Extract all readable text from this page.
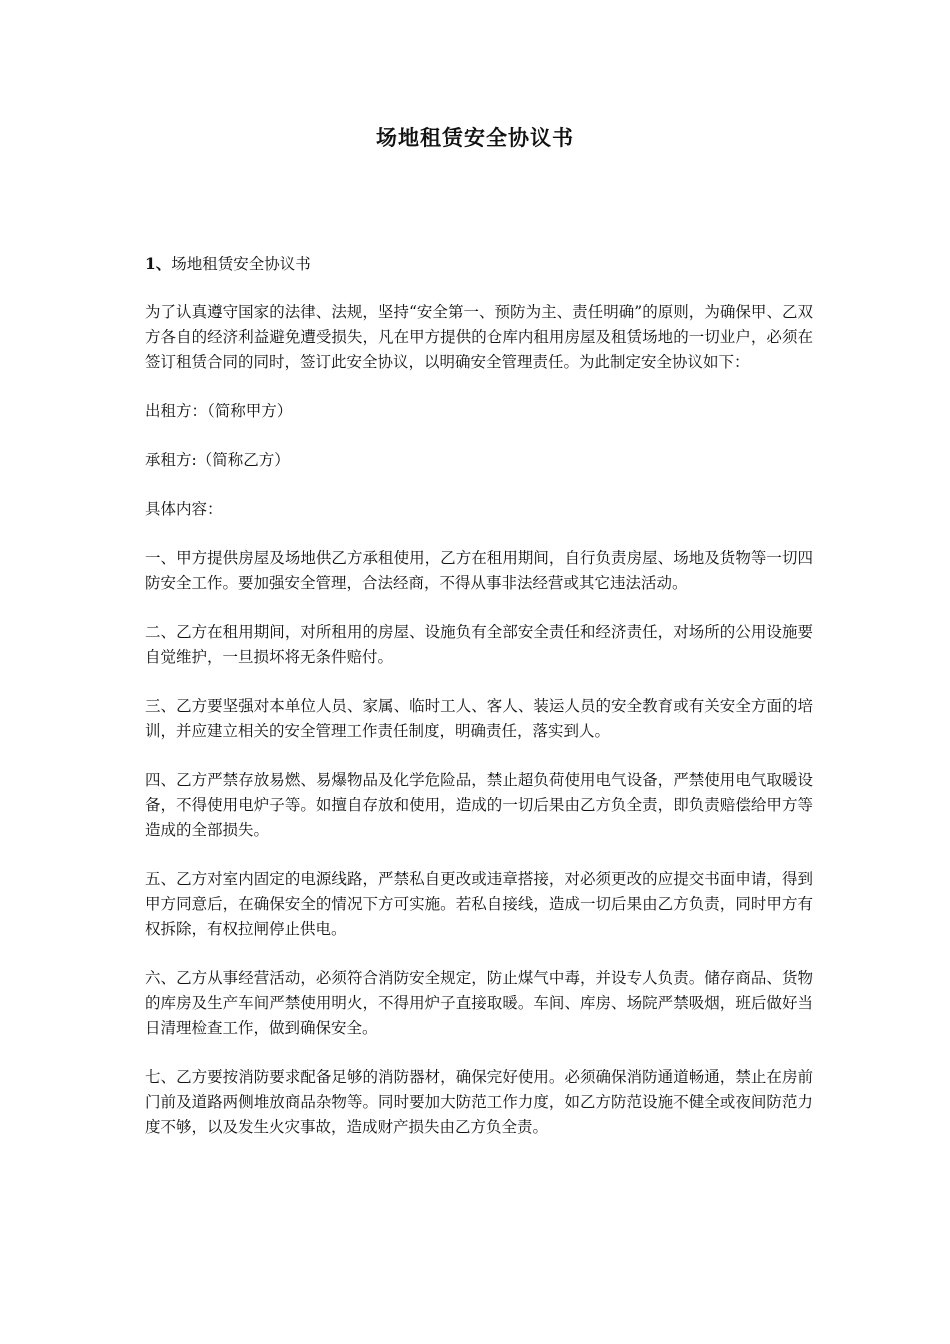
场地租赁安全协议书

1、场地租赁安全协议书

为了认真遵守国家的法律、法规，坚持“安全第一、预防为主、责任明确”的原则，为确保甲、乙双方各自的经济利益避免遭受损失，凡在甲方提供的仓库内租用房屋及租赁场地的一切业户，必须在签订租赁合同的同时，签订此安全协议，以明确安全管理责任。为此制定安全协议如下：

出租方：（简称甲方）

承租方:（简称乙方）

具体内容：

一、甲方提供房屋及场地供乙方承租使用，乙方在租用期间，自行负责房屋、场地及货物等一切四防安全工作。要加强安全管理，合法经商，不得从事非法经营或其它违法活动。

二、乙方在租用期间，对所租用的房屋、设施负有全部安全责任和经济责任，对场所的公用设施要自觉维护，一旦损坏将无条件赔付。

三、乙方要坚强对本单位人员、家属、临时工人、客人、装运人员的安全教育或有关安全方面的培训，并应建立相关的安全管理工作责任制度，明确责任，落实到人。

四、乙方严禁存放易燃、易爆物品及化学危险品，禁止超负荷使用电气设备，严禁使用电气取暖设备，不得使用电炉子等。如擅自存放和使用，造成的一切后果由乙方负全责，即负责赔偿给甲方等造成的全部损失。

五、乙方对室内固定的电源线路，严禁私自更改或违章搭接，对必须更改的应提交书面申请，得到甲方同意后，在确保安全的情况下方可实施。若私自接线，造成一切后果由乙方负责，同时甲方有权拆除，有权拉闸停止供电。

六、乙方从事经营活动，必须符合消防安全规定，防止煤气中毒，并设专人负责。储存商品、货物的库房及生产车间严禁使用明火，不得用炉子直接取暖。车间、库房、场院严禁吸烟，班后做好当日清理检查工作，做到确保安全。

七、乙方要按消防要求配备足够的消防器材，确保完好使用。必须确保消防通道畅通，禁止在房前门前及道路两侧堆放商品杂物等。同时要加大防范工作力度，如乙方防范设施不健全或夜间防范力度不够，以及发生火灾事故，造成财产损失由乙方负全责。
